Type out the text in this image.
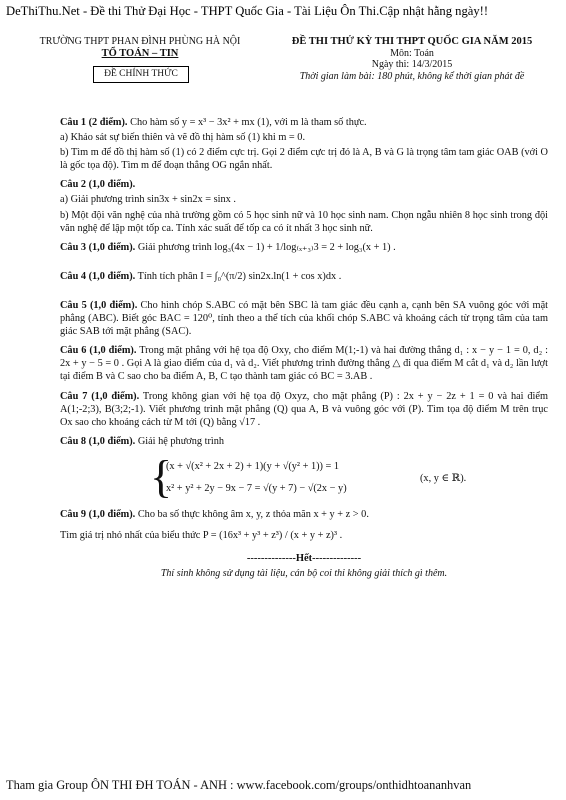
DeThiThu.Net - Đề thi Thử Đại Học - THPT Quốc Gia - Tài Liệu Ôn Thi.Cập nhật hằng ngày!!
TRƯỜNG THPT PHAN ĐÌNH PHÙNG HÀ NỘI
TỔ TOÁN – TIN
ĐỀ CHÍNH THỨC
ĐỀ THI THỬ KỲ THI THPT QUỐC GIA NĂM 2015
Môn: Toán
Ngày thi: 14/3/2015
Thời gian làm bài: 180 phút, không kể thời gian phát đề

Câu 1 (2 điểm). Cho hàm số y = x³ − 3x² + mx (1), với m là tham số thực.

a) Khảo sát sự biến thiên và vẽ đồ thị hàm số (1) khi m = 0.

b) Tìm m để đồ thị hàm số (1) có 2 điểm cực trị. Gọi 2 điểm cực trị đó là A, B và G là trọng tâm tam giác OAB (với O là gốc tọa độ). Tìm m để đoạn thẳng OG ngắn nhất.

Câu 2 (1,0 điểm).

a) Giải phương trình sin3x + sin2x = sinx .

b) Một đội văn nghệ của nhà trường gồm có 5 học sinh nữ và 10 học sinh nam. Chọn ngẫu nhiên 8 học sinh trong đội văn nghệ để lập một tốp ca. Tính xác suất để tốp ca có ít nhất 3 học sinh nữ.

Câu 3 (1,0 điểm). Giải phương trình log₃(4x − 1) + 1/log₍ₓ₊₃₎3 = 2 + log₃(x + 1) .

Câu 4 (1,0 điểm). Tính tích phân I = ∫₀^(π/2) sin2x.ln(1 + cos x)dx .

Câu 5 (1,0 điểm). Cho hình chóp S.ABC có mặt bên SBC là tam giác đều cạnh a, cạnh bên SA vuông góc với mặt phẳng (ABC). Biết góc BAC = 120⁰, tính theo a thể tích của khối chóp S.ABC và khoảng cách từ trọng tâm của tam giác SAB tới mặt phẳng (SAC).

Câu 6 (1,0 điểm). Trong mặt phẳng với hệ tọa độ Oxy, cho điểm M(1;-1) và hai đường thẳng d₁ : x − y − 1 = 0, d₂ : 2x + y − 5 = 0 . Gọi A là giao điểm của d₁ và d₂. Viết phương trình đường thẳng △ đi qua điểm M cắt d₁ và d₂ lần lượt tại điểm B và C sao cho ba điểm A, B, C tạo thành tam giác có BC = 3.AB .

Câu 7 (1,0 điểm). Trong không gian với hệ tọa độ Oxyz, cho mặt phẳng (P) : 2x + y − 2z + 1 = 0 và hai điểm A(1;-2;3), B(3;2;-1). Viết phương trình mặt phẳng (Q) qua A, B và vuông góc với (P). Tìm tọa độ điểm M trên trục Ox sao cho khoảng cách từ M tới (Q) bằng √17 .

Câu 8 (1,0 điểm). Giải hệ phương trình

{
(x + √(x² + 2x + 2) + 1)(y + √(y² + 1)) = 1
x² + y² + 2y − 9x − 7 = √(y + 7) − √(2x − y)
(x, y ∈ ℝ).

Câu 9 (1,0 điểm). Cho ba số thực không âm x, y, z thỏa mãn x + y + z > 0.

Tìm giá trị nhỏ nhất của biểu thức P = (16x³ + y³ + z³) / (x + y + z)³ .

--------------Hết--------------
Thí sinh không sử dụng tài liệu, cán bộ coi thi không giải thích gì thêm.
Tham gia Group ÔN THI ĐH TOÁN - ANH : www.facebook.com/groups/onthidhtoananhvan
